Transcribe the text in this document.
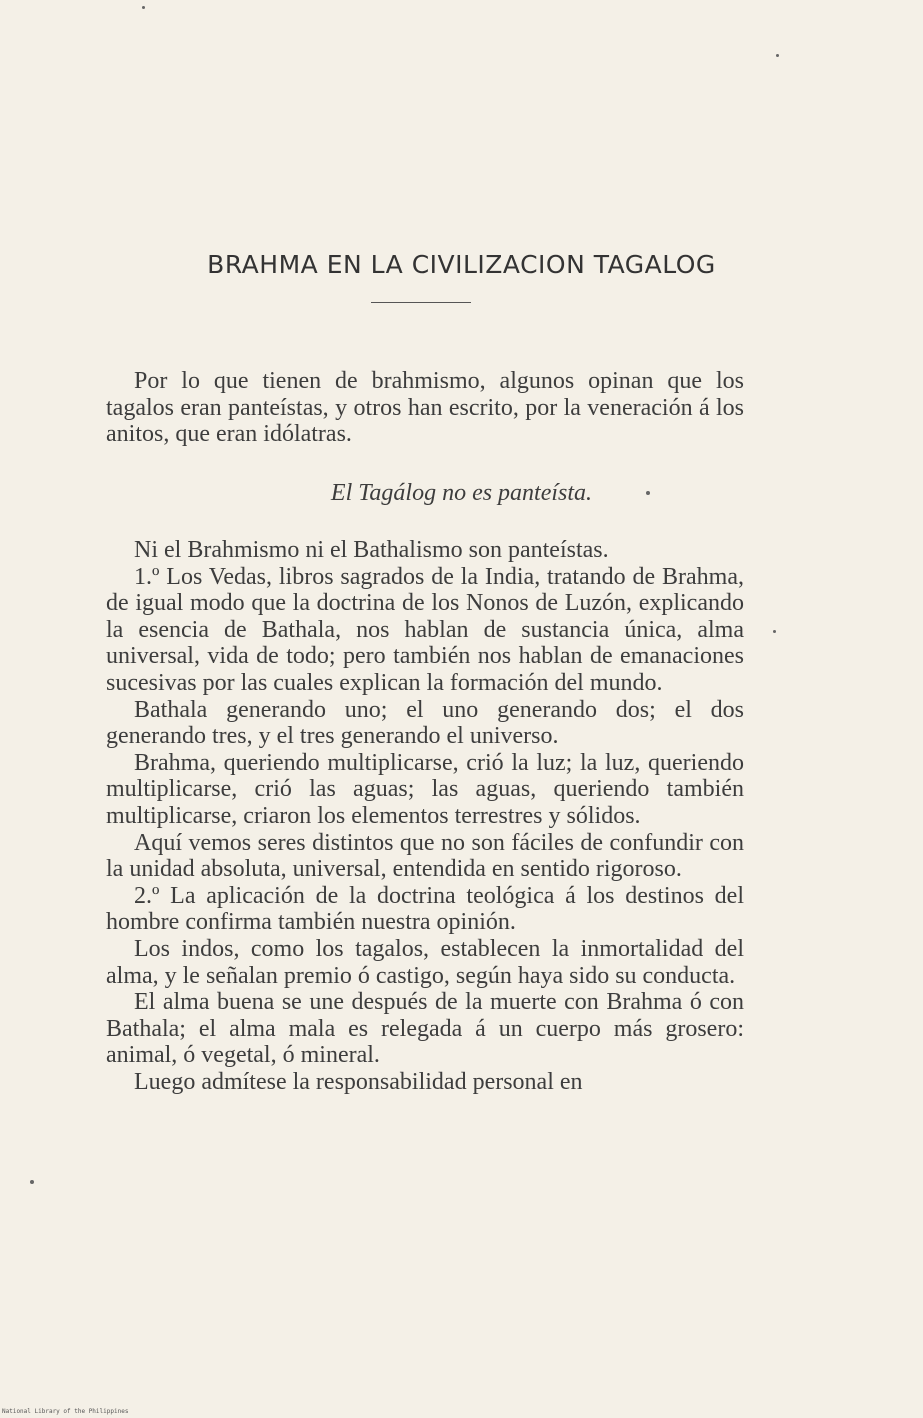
BRAHMA EN LA CIVILIZACION TAGALOG

Por lo que tienen de brahmismo, algunos opinan que los tagalos eran panteístas, y otros han escrito, por la veneración á los anitos, que eran idólatras.

El Tagálog no es panteísta.

Ni el Brahmismo ni el Bathalismo son panteístas.

1.º Los Vedas, libros sagrados de la India, tratando de Brahma, de igual modo que la doctrina de los Nonos de Luzón, explicando la esencia de Bathala, nos hablan de sustancia única, alma universal, vida de todo; pero también nos hablan de emanaciones sucesivas por las cuales explican la formación del mundo.

Bathala generando uno; el uno generando dos; el dos generando tres, y el tres generando el universo.

Brahma, queriendo multiplicarse, crió la luz; la luz, queriendo multiplicarse, crió las aguas; las aguas, queriendo también multiplicarse, criaron los elementos terrestres y sólidos.

Aquí vemos seres distintos que no son fáciles de confundir con la unidad absoluta, universal, entendida en sentido rigoroso.

2.º La aplicación de la doctrina teológica á los destinos del hombre confirma también nuestra opinión.

Los indos, como los tagalos, establecen la inmortalidad del alma, y le señalan premio ó castigo, según haya sido su conducta.

El alma buena se une después de la muerte con Brahma ó con Bathala; el alma mala es relegada á un cuerpo más grosero: animal, ó vegetal, ó mineral.

Luego admítese la responsabilidad personal en

National Library of the Philippines
